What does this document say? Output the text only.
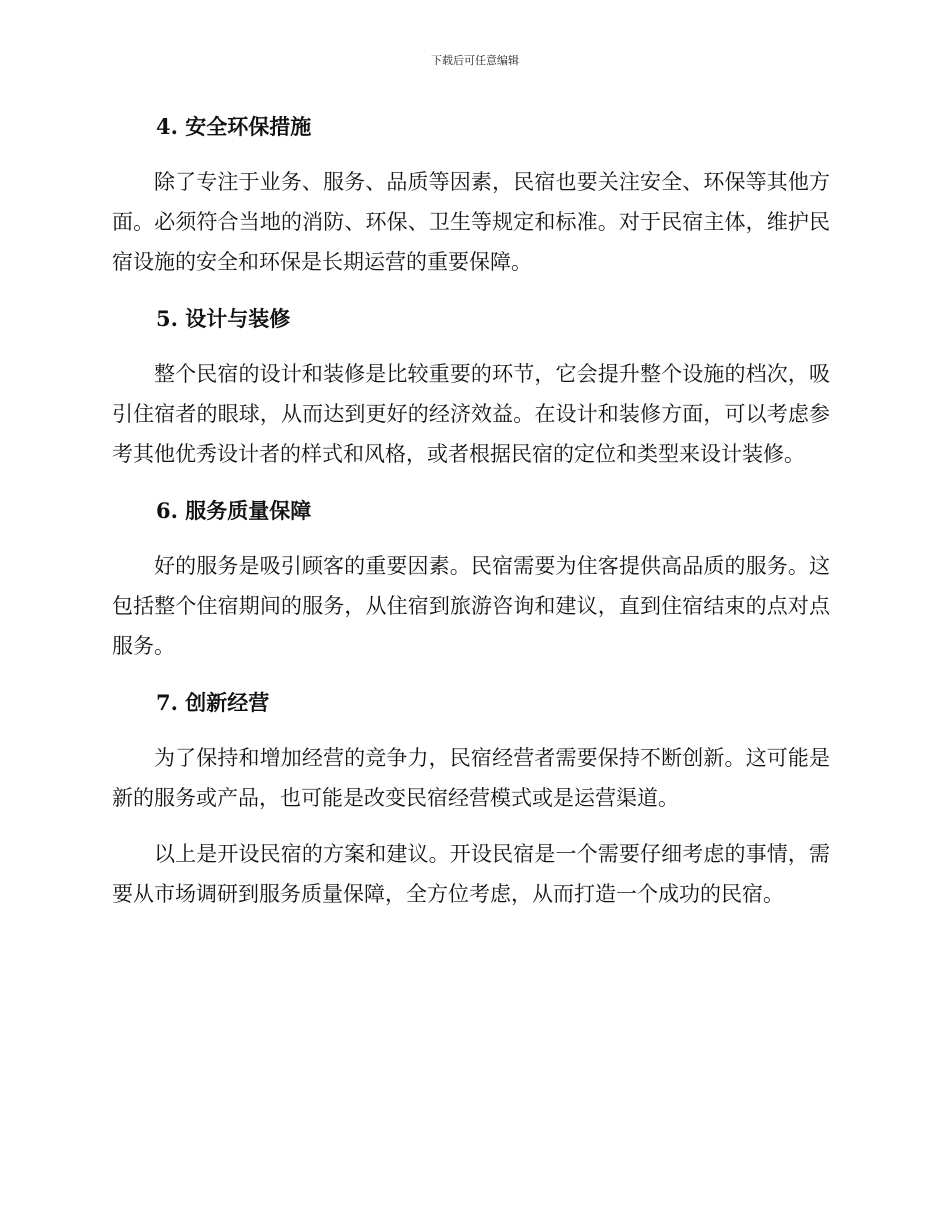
下载后可任意编辑
4. 安全环保措施

除了专注于业务、服务、品质等因素，民宿也要关注安全、环保等其他方面。必须符合当地的消防、环保、卫生等规定和标准。对于民宿主体，维护民宿设施的安全和环保是长期运营的重要保障。

5. 设计与装修

整个民宿的设计和装修是比较重要的环节，它会提升整个设施的档次，吸引住宿者的眼球，从而达到更好的经济效益。在设计和装修方面，可以考虑参考其他优秀设计者的样式和风格，或者根据民宿的定位和类型来设计装修。

6. 服务质量保障

好的服务是吸引顾客的重要因素。民宿需要为住客提供高品质的服务。这包括整个住宿期间的服务，从住宿到旅游咨询和建议，直到住宿结束的点对点服务。

7. 创新经营

为了保持和增加经营的竞争力，民宿经营者需要保持不断创新。这可能是新的服务或产品，也可能是改变民宿经营模式或是运营渠道。

以上是开设民宿的方案和建议。开设民宿是一个需要仔细考虑的事情，需要从市场调研到服务质量保障，全方位考虑，从而打造一个成功的民宿。
